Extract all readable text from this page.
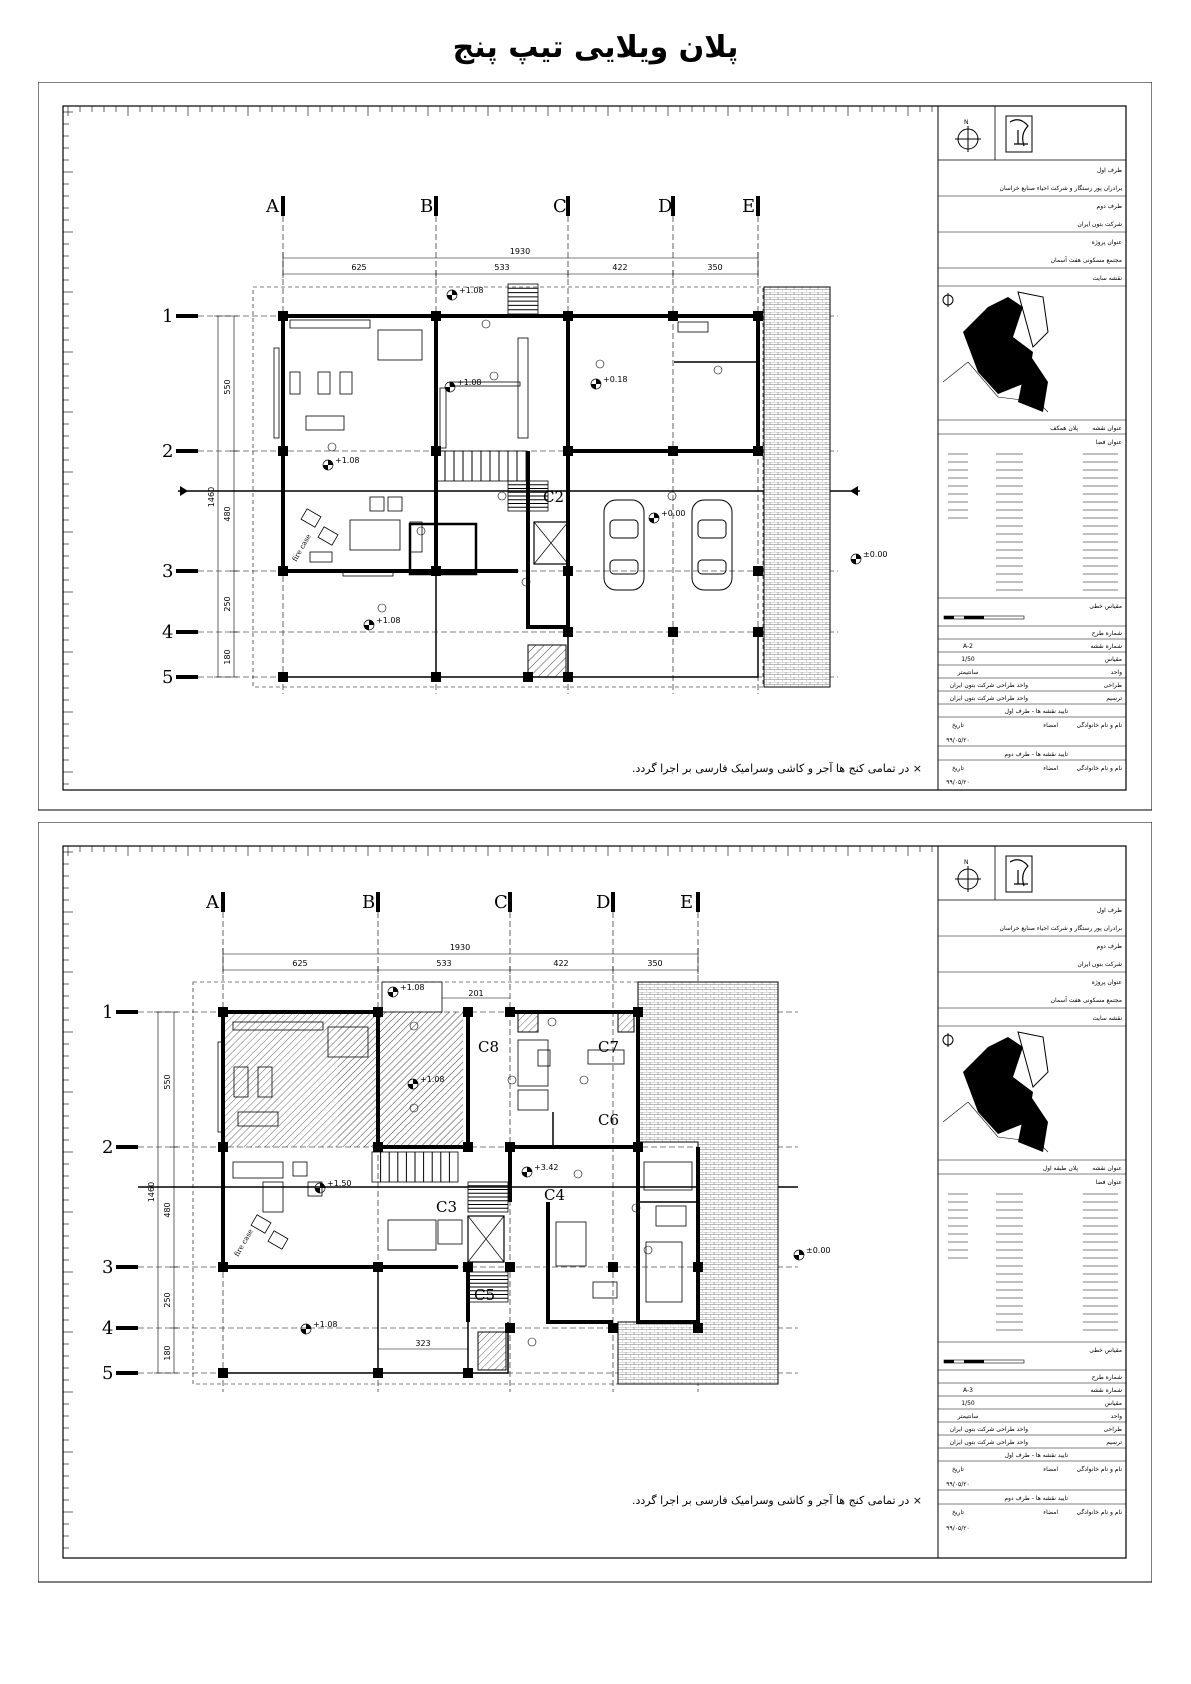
پلان ویلایی تیپ پنج
N
طرف اول
برادران پور رستگار و شرکت احیاء صنایع خراسان
طرف دوم
شرکت بتون ایران
عنوان پروژه
مجتمع مسکونی هفت آسمان
نقشه سایت
عنوان نقشه
پلان همکف
عنوان فضا
مقیاس خطی
شماره طرح
شماره نقشه
A-2
مقیاس
1/50
واحد
سانتیمتر
طراحی
واحد طراحی شرکت بتون ایران
ترسیم
واحد طراحی شرکت بتون ایران
تایید نقشه ها - طرف اول
نام و نام خانوادگی
امضاء
تاریخ
۹۹/۰۵/۲۰
تایید نقشه ها - طرف دوم
نام و نام خانوادگی
امضاء
تاریخ
۹۹/۰۵/۲۰
A	B	C	D	E
1
2
3
4
5
1930
625	533	422	350
550
480
250
180
1460
fire case
+1.08
+1.08	+0.18
+1.08
+0.00
+1.08
±0.00
C2
× در تمامی کنج ها آجر و کاشی وسرامیک فارسی بر اجرا گردد.
N
طرف اول
برادران پور رستگار و شرکت احیاء صنایع خراسان
طرف دوم
شرکت بتون ایران
عنوان پروژه
مجتمع مسکونی هفت آسمان
نقشه سایت
عنوان نقشه
پلان طبقه اول
عنوان فضا
مقیاس خطی
شماره طرح
شماره نقشه
A-3
مقیاس
1/50
واحد
سانتیمتر
طراحی
واحد طراحی شرکت بتون ایران
ترسیم
واحد طراحی شرکت بتون ایران
تایید نقشه ها - طرف اول
نام و نام خانوادگی
امضاء
تاریخ
۹۹/۰۵/۲۰
تایید نقشه ها - طرف دوم
نام و نام خانوادگی
امضاء
تاریخ
۹۹/۰۵/۲۰
A	B	C	D	E
1
2
3
4
5
1930
625	533	422	350
550
480
250
180
1460
201
323
fire case
+1.08
+1.08
+3.42
+1.50
+1.08
±0.00
C8	C7
C6
C4
C3
C5
× در تمامی کنج ها آجر و کاشی وسرامیک فارسی بر اجرا گردد.
